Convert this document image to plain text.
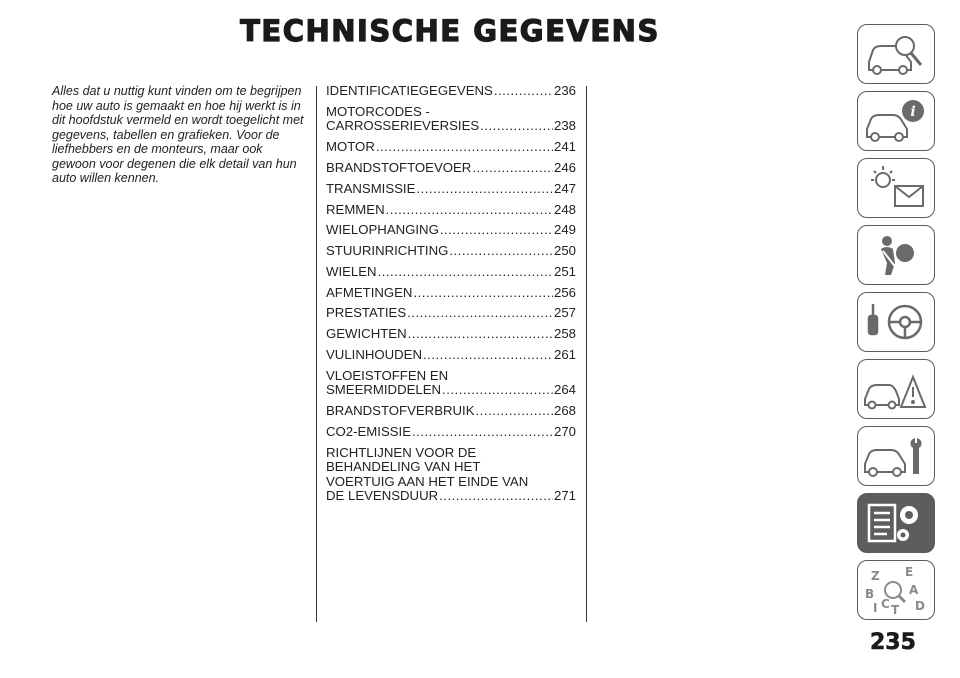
TECHNISCHE GEGEVENS
Alles dat u nuttig kunt vinden om te begrijpen hoe uw auto is gemaakt en hoe hij werkt is in dit hoofdstuk vermeld en wordt toegelicht met gegevens, tabellen en grafieken. Voor de liefhebbers en de monteurs, maar ook gewoon voor degenen die elk detail van hun auto willen kennen.
IDENTIFICATIEGEGEVENS .....	236
MOTORCODES -
CARROSSERIEVERSIES .....	238
MOTOR .....	241
BRANDSTOFTOEVOER .....	246
TRANSMISSIE .....	247
REMMEN .....	248
WIELOPHANGING .....	249
STUURINRICHTING .....	250
WIELEN .....	251
AFMETINGEN .....	256
PRESTATIES .....	257
GEWICHTEN .....	258
VULINHOUDEN .....	261
VLOEISTOFFEN EN
SMEERMIDDELEN .....	264
BRANDSTOFVERBRUIK .....	268
CO2-EMISSIE .....	270
RICHTLIJNEN VOOR DE
BEHANDELING VAN HET
VOERTUIG AAN HET EINDE VAN
DE LEVENSDUUR .....	271
i
Z E
B	A
I C T D
235
